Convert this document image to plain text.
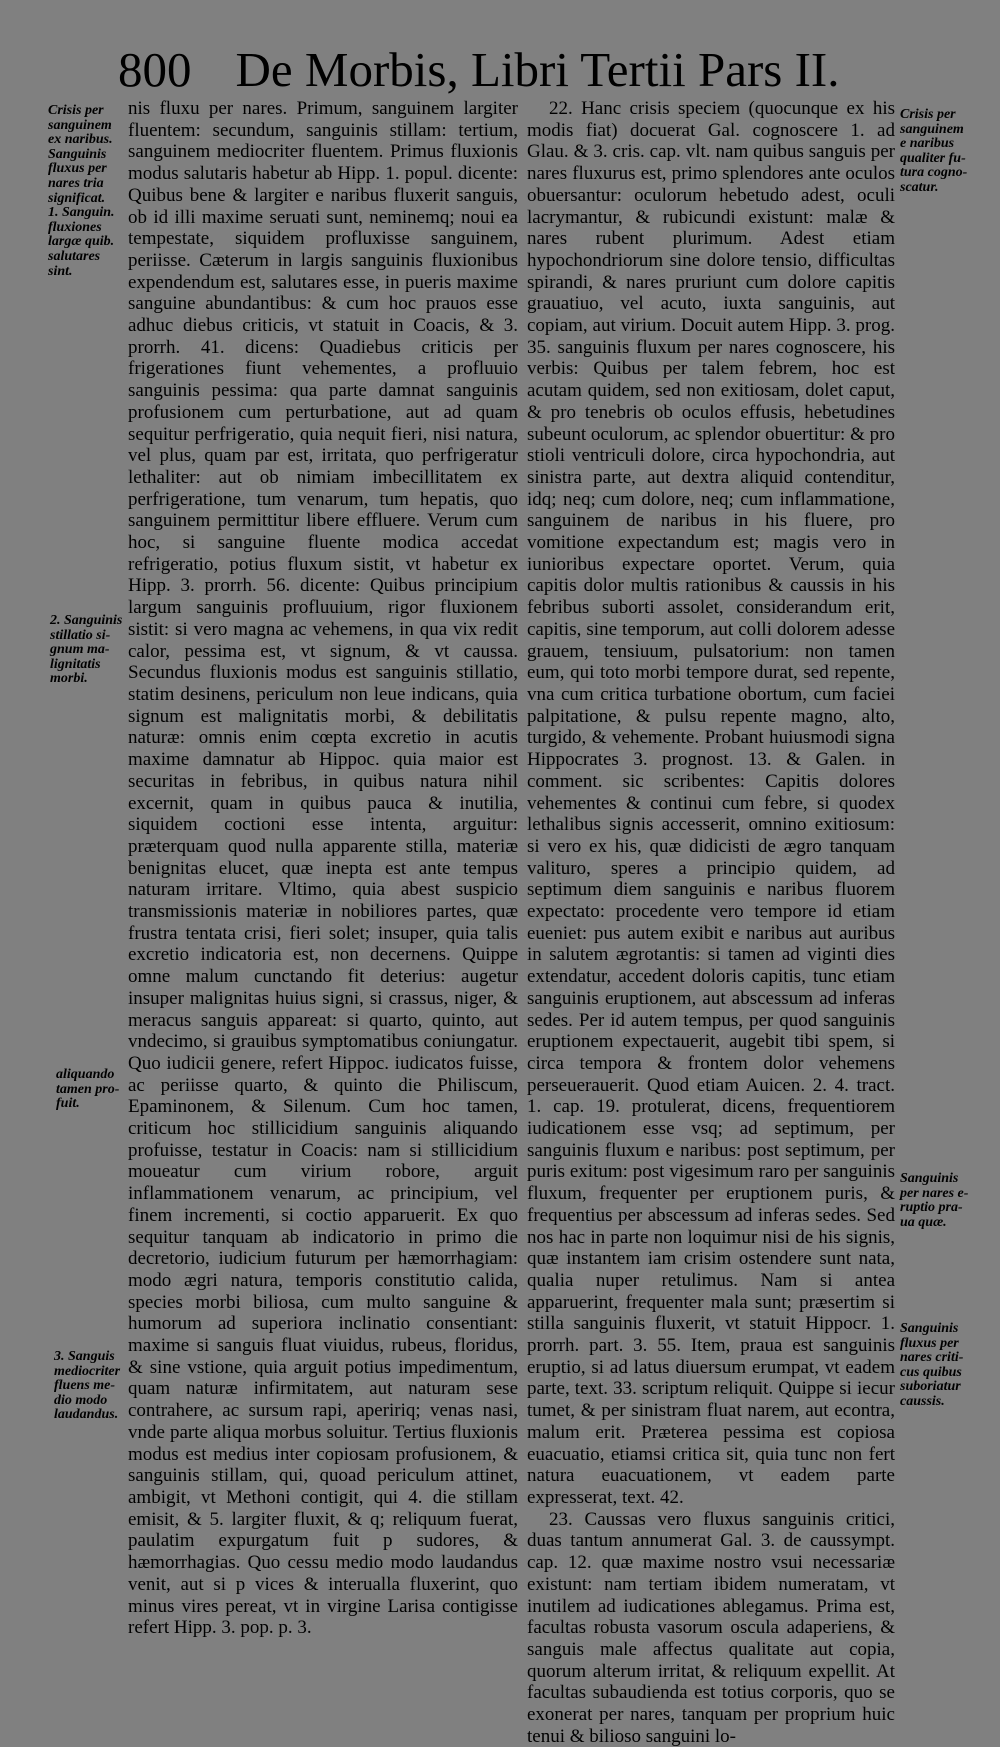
800 De Morbis, Libri Tertii Pars II.
Crisis per
sanguinem
ex naribus.
Sanguinis
fluxus per
nares tria
significat.
1. Sanguin.
fluxiones
largæ quib.
salutares
sint.
2. Sanguinis
stillatio si-
gnum ma-
lignitatis
morbi.
aliquando
tamen pro-
fuit.
3. Sanguis
mediocriter
fluens me-
dio modo
laudandus.
Crisis per
sanguinem
e naribus
qualiter fu-
tura cogno-
scatur.
Sanguinis
per nares e-
ruptio pra-
ua quæ.
Sanguinis
fluxus per
nares criti-
cus quibus
suboriatur
caussis.

nis fluxu per nares. Primum, sanguinem largiter fluentem: secundum, sanguinis stillam: tertium, sanguinem mediocriter fluentem. Primus fluxionis modus salutaris habetur ab Hipp. 1. popul. dicente: Quibus bene & largiter e naribus fluxerit sanguis, ob id illi maxime seruati sunt, neminemq; noui ea tempestate, siquidem profluxisse sanguinem, periisse. Cæterum in largis sanguinis fluxionibus expendendum est, salutares esse, in pueris maxime sanguine abundantibus: & cum hoc prauos esse adhuc diebus criticis, vt statuit in Coacis, & 3. prorrh. 41. dicens: Quadiebus criticis per frigerationes fiunt vehementes, a profluuio sanguinis pessima: qua parte damnat sanguinis profusionem cum perturbatione, aut ad quam sequitur perfrigeratio, quia nequit fieri, nisi natura, vel plus, quam par est, irritata, quo perfrigeratur lethaliter: aut ob nimiam imbecillitatem ex perfrigeratione, tum venarum, tum hepatis, quo sanguinem permittitur libere effluere. Verum cum hoc, si sanguine fluente modica accedat refrigeratio, potius fluxum sistit, vt habetur ex Hipp. 3. prorrh. 56. dicente: Quibus principium largum sanguinis profluuium, rigor fluxionem sistit: si vero magna ac vehemens, in qua vix redit calor, pessima est, vt signum, & vt caussa. Secundus fluxionis modus est sanguinis stillatio, statim desinens, periculum non leue indicans, quia signum est malignitatis morbi, & debilitatis naturæ: omnis enim cœpta excretio in acutis maxime damnatur ab Hippoc. quia maior est securitas in febribus, in quibus natura nihil excernit, quam in quibus pauca & inutilia, siquidem coctioni esse intenta, arguitur: præterquam quod nulla apparente stilla, materiæ benignitas elucet, quæ inepta est ante tempus naturam irritare. Vltimo, quia abest suspicio transmissionis materiæ in nobiliores partes, quæ frustra tentata crisi, fieri solet; insuper, quia talis excretio indicatoria est, non decernens. Quippe omne malum cunctando fit deterius: augetur insuper malignitas huius signi, si crassus, niger, & meracus sanguis appareat: si quarto, quinto, aut vndecimo, si grauibus symptomatibus coniungatur. Quo iudicii genere, refert Hippoc. iudicatos fuisse, ac periisse quarto, & quinto die Philiscum, Epaminonem, & Silenum. Cum hoc tamen, criticum hoc stillicidium sanguinis aliquando profuisse, testatur in Coacis: nam si stillicidium moueatur cum virium robore, arguit inflammationem venarum, ac principium, vel finem incrementi, si coctio apparuerit. Ex quo sequitur tanquam ab indicatorio in primo die decretorio, iudicium futurum per hæmorrhagiam: modo ægri natura, temporis constitutio calida, species morbi biliosa, cum multo sanguine & humorum ad superiora inclinatio consentiant: maxime si sanguis fluat viuidus, rubeus, floridus, & sine vstione, quia arguit potius impedimentum, quam naturæ infirmitatem, aut naturam sese contrahere, ac sursum rapi, apeririq; venas nasi, vnde parte aliqua morbus soluitur. Tertius fluxionis modus est medius inter copiosam profusionem, & sanguinis stillam, qui, quoad periculum attinet, ambigit, vt Methoni contigit, qui 4. die stillam emisit, & 5. largiter fluxit, & q; reliquum fuerat, paulatim expurgatum fuit p sudores, & hæmorrhagias. Quo cessu medio modo laudandus venit, aut si p vices & interualla fluxerint, quo minus vires pereat, vt in virgine Larisa contigisse refert Hipp. 3. pop. p. 3.

22. Hanc crisis speciem (quocunque ex his modis fiat) docuerat Gal. cognoscere 1. ad Glau. & 3. cris. cap. vlt. nam quibus sanguis per nares fluxurus est, primo splendores ante oculos obuersantur: oculorum hebetudo adest, oculi lacrymantur, & rubicundi existunt: malæ & nares rubent plurimum. Adest etiam hypochondriorum sine dolore tensio, difficultas spirandi, & nares pruriunt cum dolore capitis grauatiuo, vel acuto, iuxta sanguinis, aut copiam, aut virium. Docuit autem Hipp. 3. prog. 35. sanguinis fluxum per nares cognoscere, his verbis: Quibus per talem febrem, hoc est acutam quidem, sed non exitiosam, dolet caput, & pro tenebris ob oculos effusis, hebetudines subeunt oculorum, ac splendor obuertitur: & pro stioli ventriculi dolore, circa hypochondria, aut sinistra parte, aut dextra aliquid contenditur, idq; neq; cum dolore, neq; cum inflammatione, sanguinem de naribus in his fluere, pro vomitione expectandum est; magis vero in iunioribus expectare oportet. Verum, quia capitis dolor multis rationibus & caussis in his febribus suborti assolet, considerandum erit, capitis, sine temporum, aut colli dolorem adesse grauem, tensiuum, pulsatorium: non tamen eum, qui toto morbi tempore durat, sed repente, vna cum critica turbatione obortum, cum faciei palpitatione, & pulsu repente magno, alto, turgido, & vehemente. Probant huiusmodi signa Hippocrates 3. prognost. 13. & Galen. in comment. sic scribentes: Capitis dolores vehementes & continui cum febre, si quodex lethalibus signis accesserit, omnino exitiosum: si vero ex his, quæ didicisti de ægro tanquam valituro, speres a principio quidem, ad septimum diem sanguinis e naribus fluorem expectato: procedente vero tempore id etiam eueniet: pus autem exibit e naribus aut auribus in salutem ægrotantis: si tamen ad viginti dies extendatur, accedent doloris capitis, tunc etiam sanguinis eruptionem, aut abscessum ad inferas sedes. Per id autem tempus, per quod sanguinis eruptionem expectauerit, augebit tibi spem, si circa tempora & frontem dolor vehemens perseuerauerit. Quod etiam Auicen. 2. 4. tract. 1. cap. 19. protulerat, dicens, frequentiorem iudicationem esse vsq; ad septimum, per sanguinis fluxum e naribus: post septimum, per puris exitum: post vigesimum raro per sanguinis fluxum, frequenter per eruptionem puris, & frequentius per abscessum ad inferas sedes. Sed nos hac in parte non loquimur nisi de his signis, quæ instantem iam crisim ostendere sunt nata, qualia nuper retulimus. Nam si antea apparuerint, frequenter mala sunt; præsertim si stilla sanguinis fluxerit, vt statuit Hippocr. 1. prorrh. part. 3. 55. Item, praua est sanguinis eruptio, si ad latus diuersum erumpat, vt eadem parte, text. 33. scriptum reliquit. Quippe si iecur tumet, & per sinistram fluat narem, aut econtra, malum erit. Præterea pessima est copiosa euacuatio, etiamsi critica sit, quia tunc non fert natura euacuationem, vt eadem parte expresserat, text. 42.

23. Caussas vero fluxus sanguinis critici, duas tantum annumerat Gal. 3. de caussympt. cap. 12. quæ maxime nostro vsui necessariæ existunt: nam tertiam ibidem numeratam, vt inutilem ad iudicationes ablegamus. Prima est, facultas robusta vasorum oscula adaperiens, & sanguis male affectus qualitate aut copia, quorum alterum irritat, & reliquum expellit. At facultas subaudienda est totius corporis, quo se exonerat per nares, tanquam per proprium huic tenui & bilioso sanguini lo-
